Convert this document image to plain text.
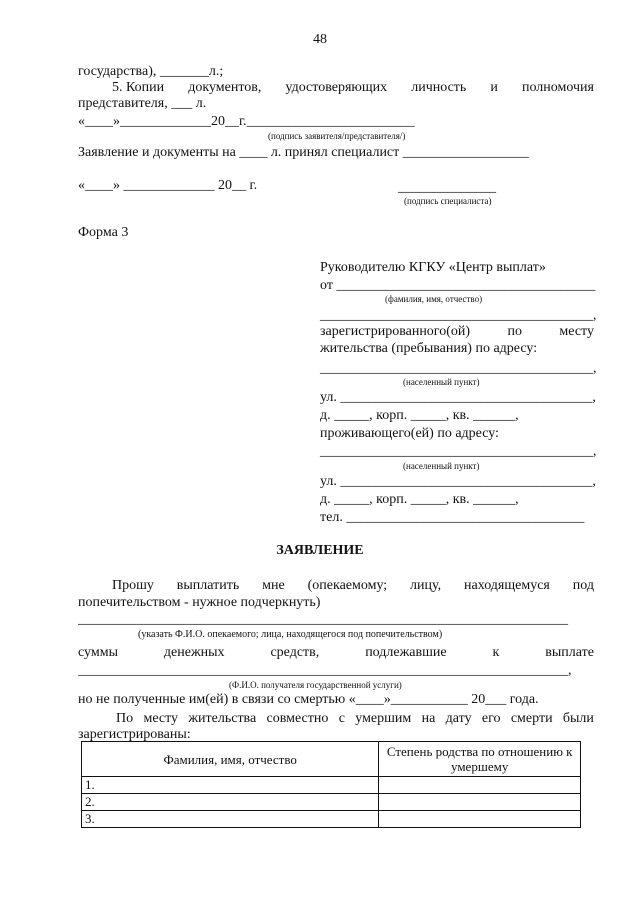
48
государства), _______л.;
5. Копии документов, удостоверяющих личность и полномочия
представителя, ___ л.
«____»_____________20__г.________________________
(подпись заявителя/представителя/)
Заявление и документы на ____ л. принял специалист __________________
«____» _____________ 20__ г.	______________
(подпись специалиста)
Форма 3
Руководителю КГКУ «Центр выплат»
от _____________________________________
(фамилия, имя, отчество)
_______________________________________,
зарегистрированного(ой)	по	месту
жительства (пребывания) по адресу:
_______________________________________,
(населенный пункт)
ул. ____________________________________,
д. _____, корп. _____, кв. ______,
проживающего(ей) по адресу:
_______________________________________,
(населенный пункт)
ул. ____________________________________,
д. _____, корп. _____, кв. ______,
тел. __________________________________
ЗАЯВЛЕНИЕ
Прошу выплатить мне (опекаемому; лицу, находящемуся под
попечительством - нужное подчеркнуть)
______________________________________________________________________
(указать Ф.И.О. опекаемого; лица, находящегося под попечительством)
суммы	денежных	средств,	подлежавшие	к	выплате
______________________________________________________________________,
(Ф.И.О. получателя государственной услуги)
но не полученные им(ей) в связи со смертью «____»___________ 20___ года.
По месту жительства совместно с умершим на дату его смерти были
зарегистрированы:
Фамилия, имя, отчество	Степень родства по отношению к умершему
1.	
2.	
3.	
